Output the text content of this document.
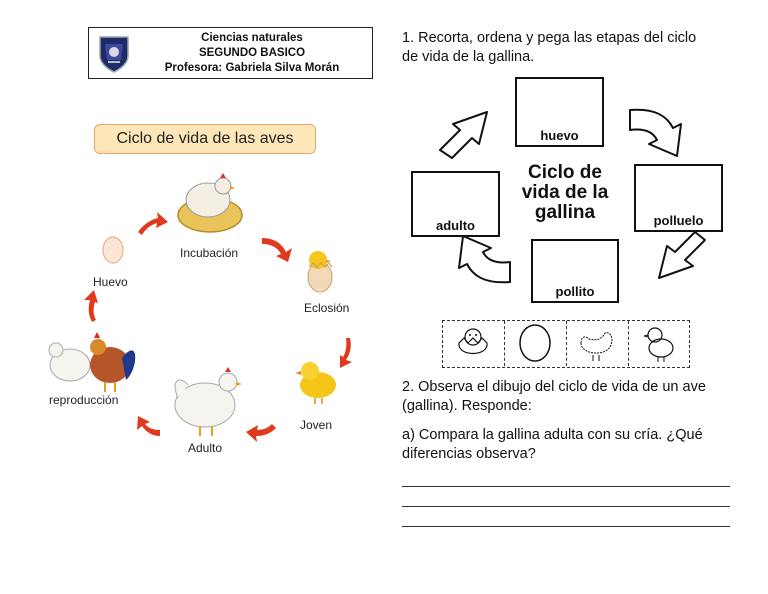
Ciencias naturales
SEGUNDO BASICO
Profesora: Gabriela Silva Morán
Ciclo de vida de las aves
Incubación
Eclosión
Joven
Adulto
reproducción
Huevo
1. Recorta, ordena y pega las etapas del ciclo
de vida de la gallina.
huevo
polluelo
pollito
adulto
Ciclo de
vida de la
gallina
2. Observa el dibujo del ciclo de vida de un ave
(gallina). Responde:
a) Compara la gallina adulta con su cría. ¿Qué
diferencias observa?
